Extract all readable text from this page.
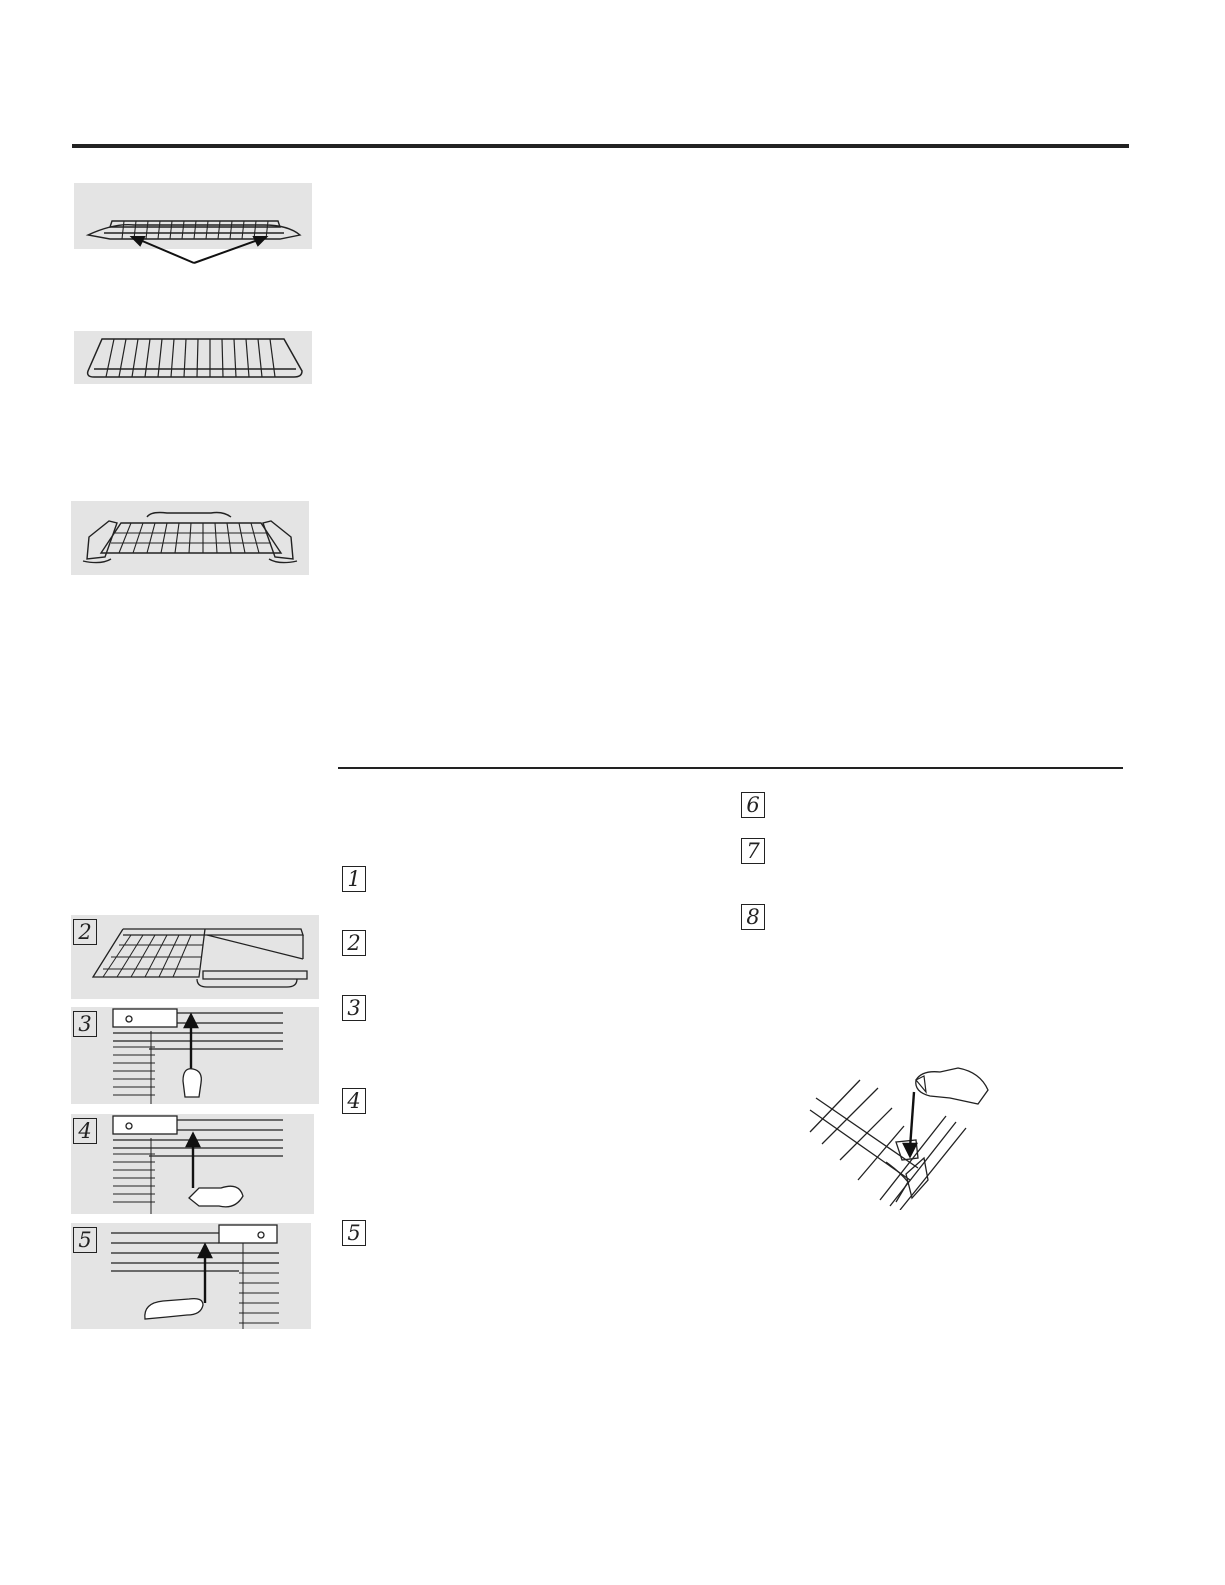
2
3
4
5
1
2
3
4
5
6
7
8
